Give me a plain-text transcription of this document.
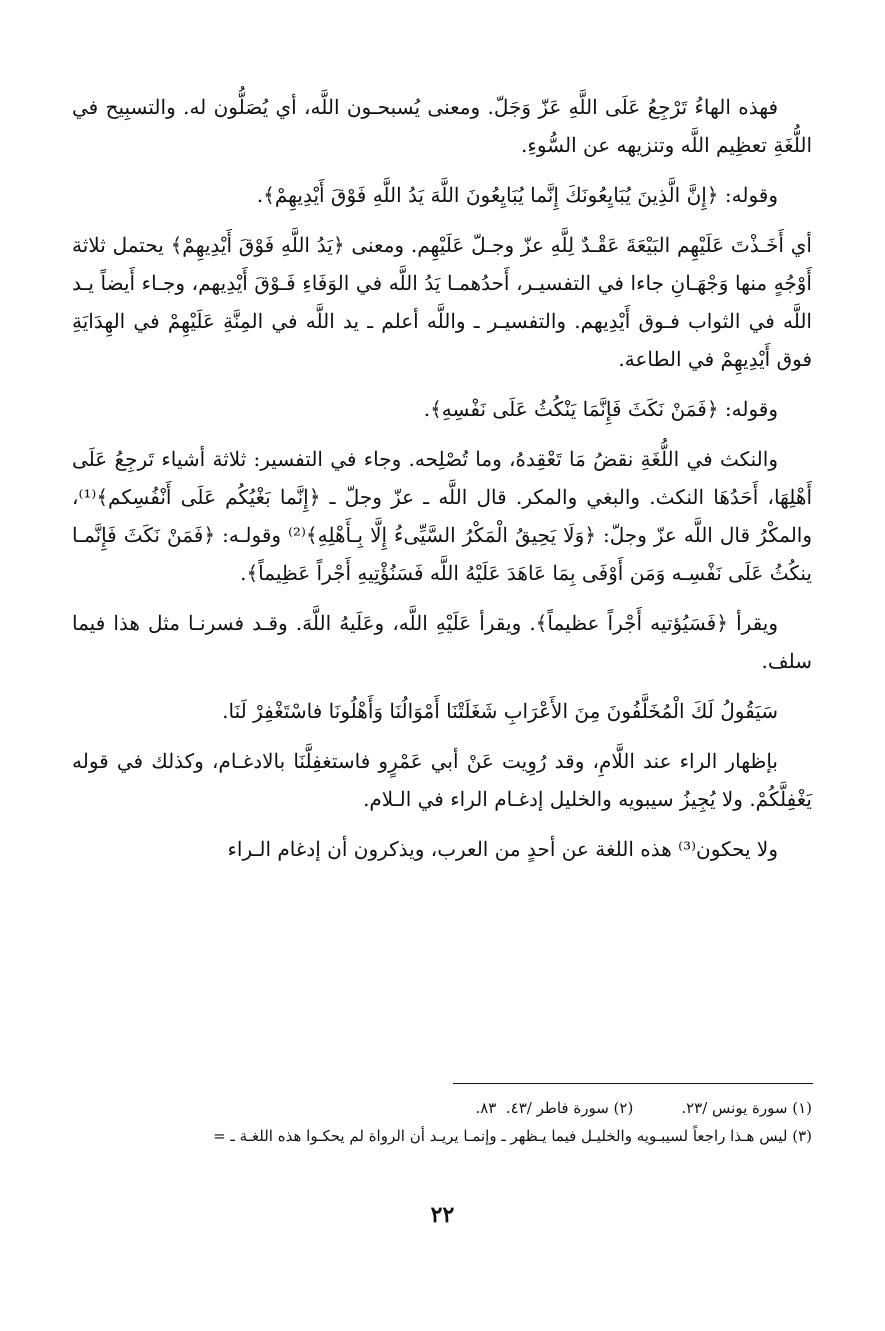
فهذه الهاءُ تَرْجِعُ عَلَى اللَّهِ عَزّ وَجَلّ. ومعنى يُسبحـون اللَّه، أي يُصَلُّون له. والتسبِيح في اللُّغَةِ تعظِيم اللَّه وتنزيهه عن السُّوءِ.

وقوله: ﴿إِنَّ الَّذِينَ يُبَايِعُونَكَ إِنَّما يُبَايِعُونَ اللَّهَ يَدُ اللَّهِ فَوْقَ أَيْدِيهِمْ﴾.

أي أَخَـذْتَ عَلَيْهِم البَيْعَةَ عَقْـدٌ لِلَّهِ عزّ وجـلّ عَلَيْهِم. ومعنى ﴿يَدُ اللَّهِ فَوْقَ أَيْدِيهِمْ﴾ يحتمل ثلاثة أَوْجُهٍ منها وَجْهَـانِ جاءا في التفسيـر، أَحدُهمـا يَدُ اللَّه في الوَفَاءِ فَـوْقَ أَيْدِيهم، وجـاء أَيضاً يـد اللَّه في الثواب فـوق أَيْدِيهم. والتفسيـر ـ واللَّه أعلم ـ يد اللَّه في المِنَّةِ عَلَيْهِمْ في الهِدَايَةِ فوق أَيْدِيهِمْ في الطاعة.

وقوله: ﴿فَمَنْ نَكَثَ فَإِنَّمَا يَنْكُثُ عَلَى نَفْسِهِ﴾.

والنكث في اللُّغَةِ نقضُ مَا تَعْقِدهُ، وما تُصْلِحه. وجاء في التفسير: ثلاثة أشياء تَرجِعُ عَلَى أَهْلِهَا، أَحَدُهَا النكث. والبغي والمكر. قال اللَّه ـ عزّ وجلّ ـ ﴿إِنَّما بَغْيُكُم عَلَى أَنْفُسِكم﴾⁽¹⁾، والمكْرُ قال اللَّه عزّ وجلّ: ﴿وَلَا يَحِيقُ الْمَكْرُ السَّيِّىءُ إِلَّا بِـأَهْلِهِ﴾⁽²⁾ وقولـه: ﴿فَمَنْ نَكَثَ فَإِنَّمـا ينكُثُ عَلَى نَفْسِـه وَمَن أَوْفَى بِمَا عَاهَدَ عَلَيْهُ اللَّه فَسَنُؤْتِيهِ أَجْراً عَظِيماً﴾.

ويقرأ ﴿فَسَيُؤتيه أَجْراً عظيماً﴾. ويقرأ عَلَيْهِ اللَّه، وعَلَيهُ اللَّهَ. وقـد فسرنـا مثل هذا فيما سلف.

سَيَقُولُ لَكَ الْمُخَلَّفُونَ مِنَ الأَعْرَابِ شَغَلَتْنَا أَمْوَالُنَا وَأَهْلُونَا فاسْتَغْفِرْ لَنَا.

بإظهار الراء عند اللَّامِ، وقد رُوِيت عَنْ أبي عَمْرٍو فاستغفِلَّنَا بالادغـام، وكذلك في قوله يَغْفِلَّكُمْ. ولا يُجِيزُ سيبويه والخليل إدغـام الراء في الـلام.

ولا يحكون⁽³⁾ هذه اللغة عن أحدٍ من العرب، ويذكرون أن إدغام الـراء

(١) سورة يونس /٢٣.(٢) سورة فاطر /٤٣.  ٨٣.

(٣) ليس هـذا راجعاً لسيبـويه والخليـل فيما يـظهر ـ وإنمـا يريـد أن الرواة لم يحكـوا هذه اللغـة ـ =

٢٢
